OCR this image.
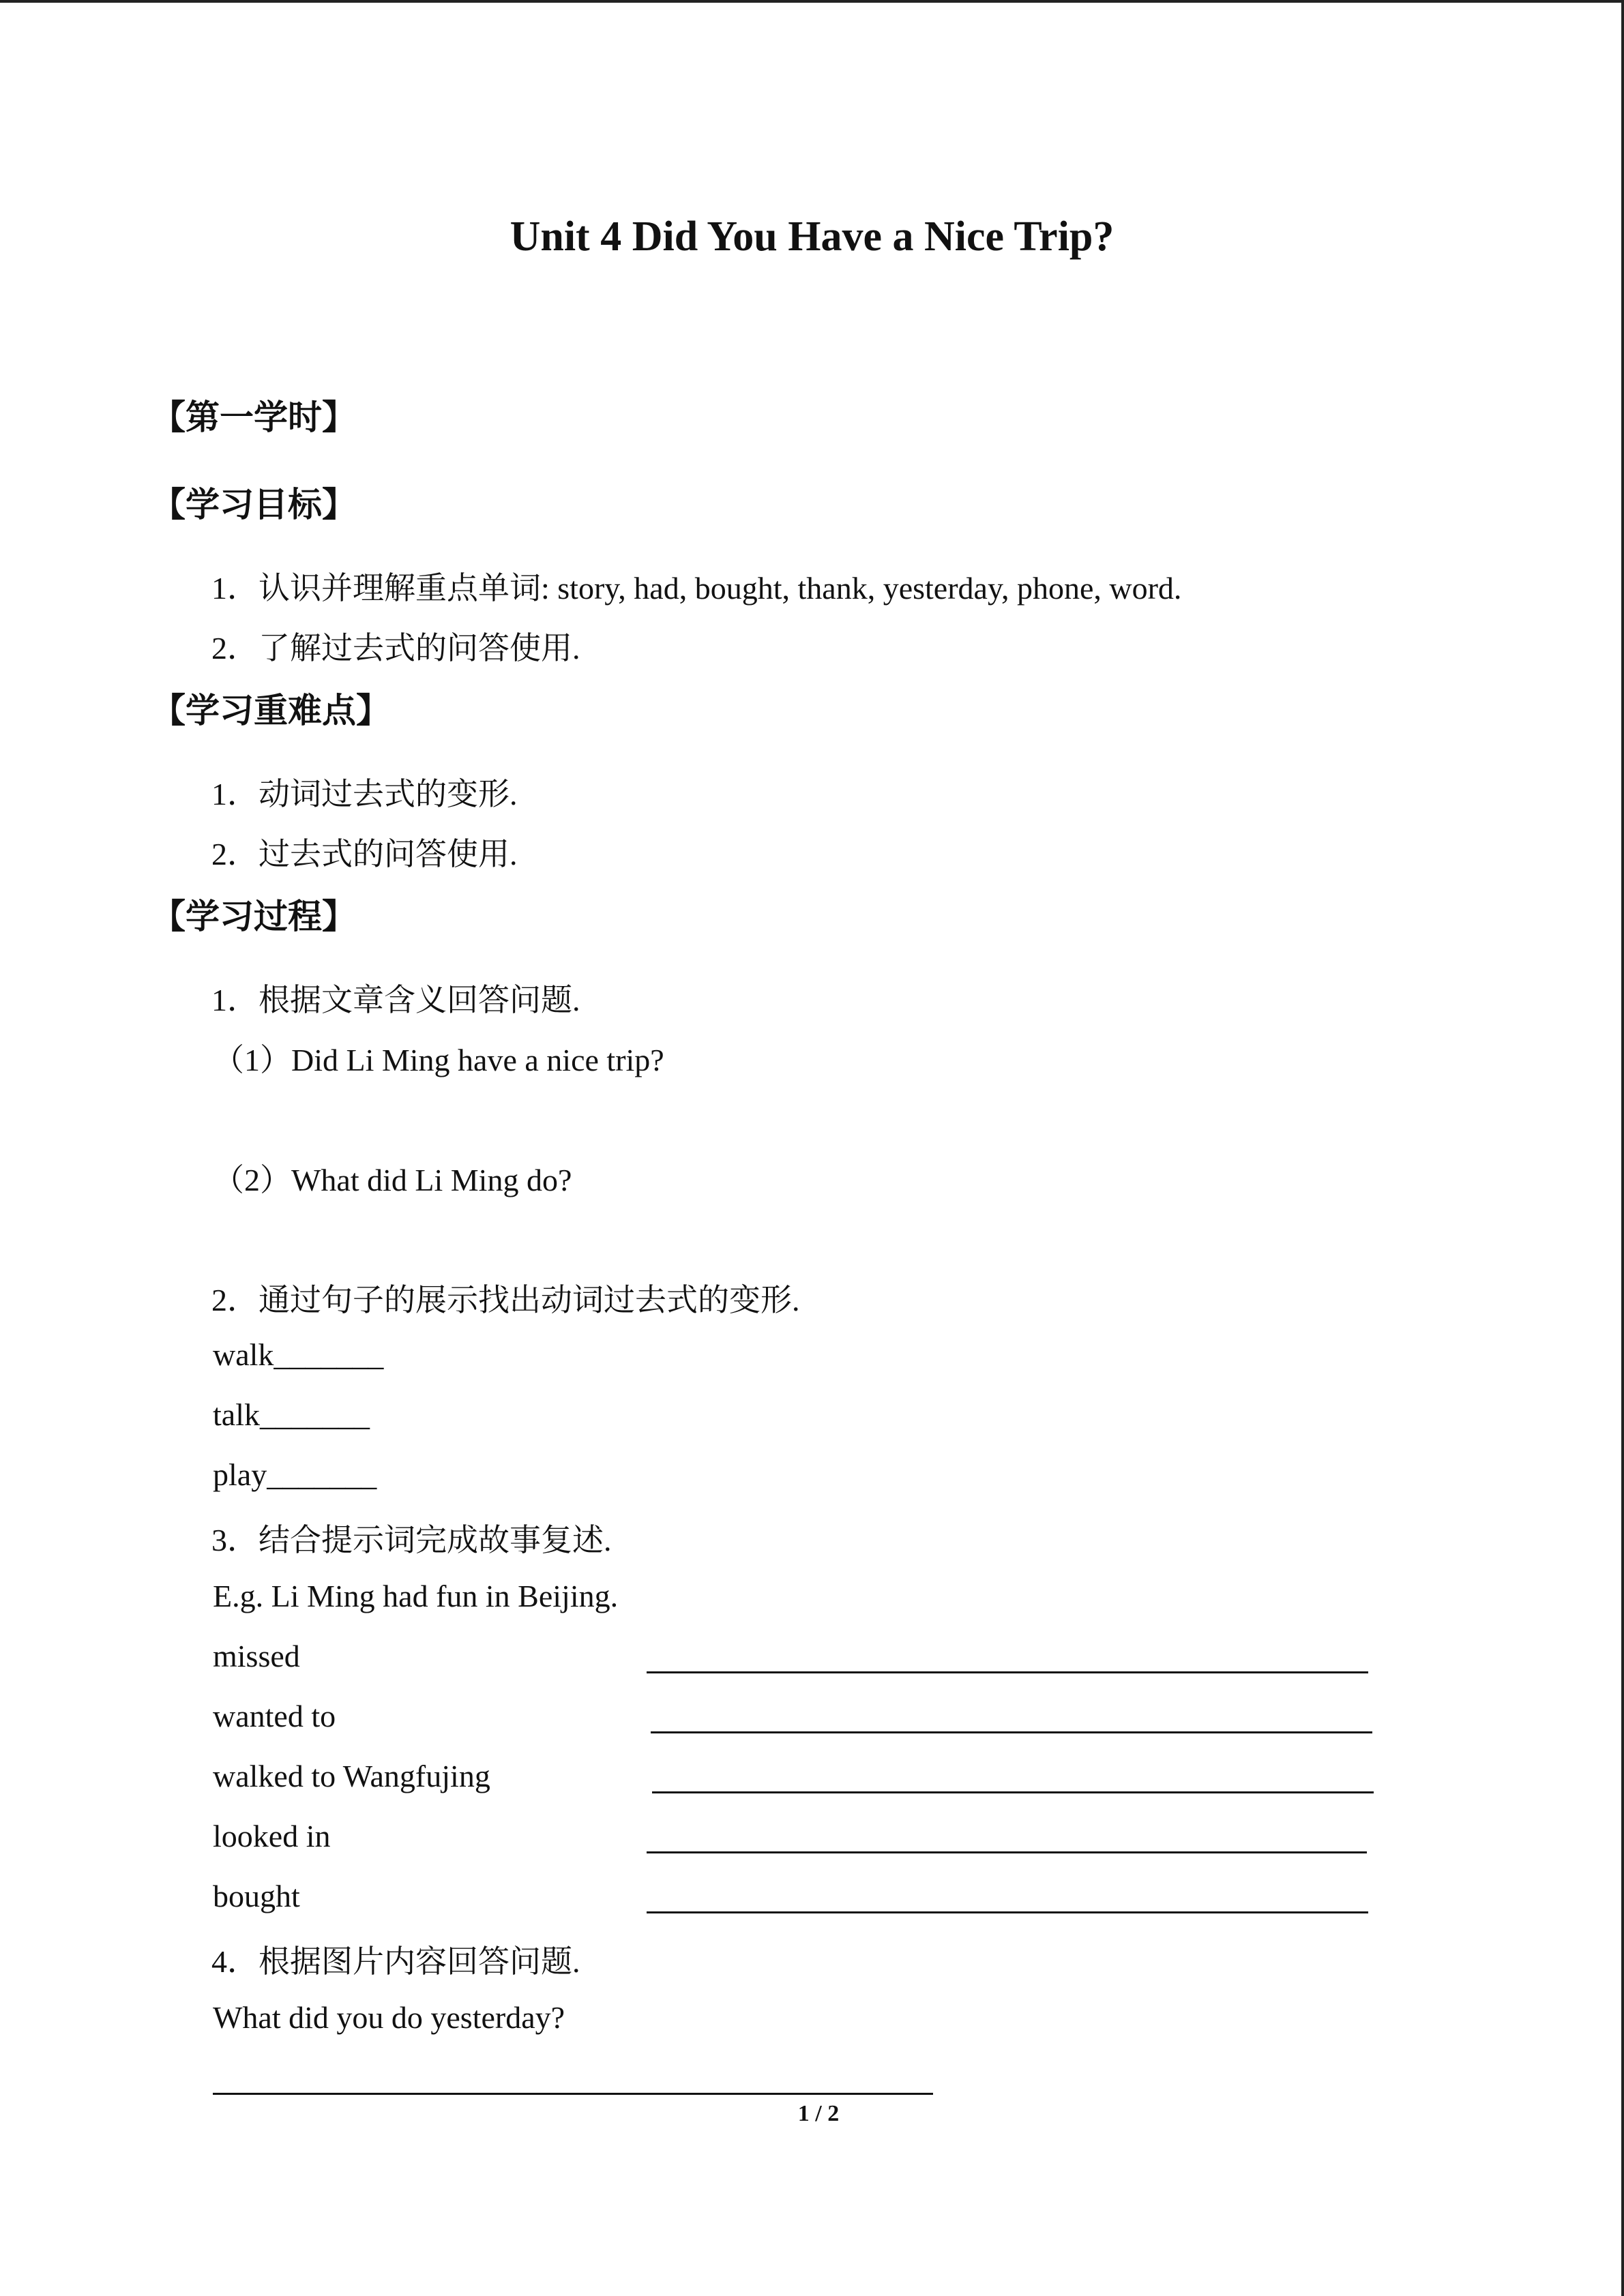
Unit 4 Did You Have a Nice Trip?
【第一学时】
【学习目标】
1．认识并理解重点单词: story, had, bought, thank, yesterday, phone, word.
2．了解过去式的问答使用.
【学习重难点】
1．动词过去式的变形.
2．过去式的问答使用.
【学习过程】
1．根据文章含义回答问题.
（1）Did Li Ming have a nice trip?
（2）What did Li Ming do?
2．通过句子的展示找出动词过去式的变形.
walk_______
talk_______
play_______
3．结合提示词完成故事复述.
E.g. Li Ming had fun in Beijing.
missed
wanted to
walked to Wangfujing
looked in
bought
4．根据图片内容回答问题.
What did you do yesterday?
1 / 2
